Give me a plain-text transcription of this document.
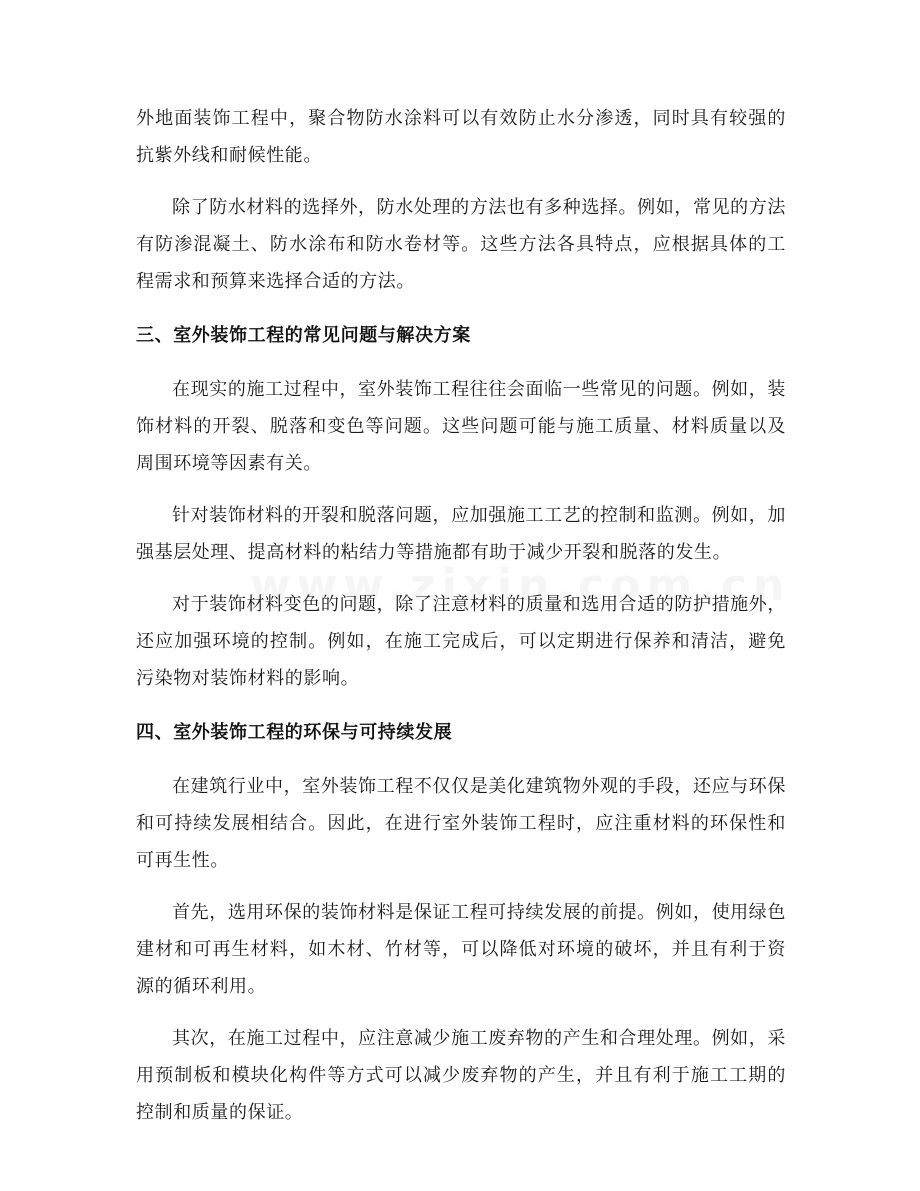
外地面装饰工程中，聚合物防水涂料可以有效防止水分渗透，同时具有较强的抗紫外线和耐候性能。

除了防水材料的选择外，防水处理的方法也有多种选择。例如，常见的方法有防渗混凝土、防水涂布和防水卷材等。这些方法各具特点，应根据具体的工程需求和预算来选择合适的方法。

三、室外装饰工程的常见问题与解决方案

在现实的施工过程中，室外装饰工程往往会面临一些常见的问题。例如，装饰材料的开裂、脱落和变色等问题。这些问题可能与施工质量、材料质量以及周围环境等因素有关。

针对装饰材料的开裂和脱落问题，应加强施工工艺的控制和监测。例如，加强基层处理、提高材料的粘结力等措施都有助于减少开裂和脱落的发生。

对于装饰材料变色的问题，除了注意材料的质量和选用合适的防护措施外，还应加强环境的控制。例如，在施工完成后，可以定期进行保养和清洁，避免污染物对装饰材料的影响。

四、室外装饰工程的环保与可持续发展

在建筑行业中，室外装饰工程不仅仅是美化建筑物外观的手段，还应与环保和可持续发展相结合。因此，在进行室外装饰工程时，应注重材料的环保性和可再生性。

首先，选用环保的装饰材料是保证工程可持续发展的前提。例如，使用绿色建材和可再生材料，如木材、竹材等，可以降低对环境的破坏，并且有利于资源的循环利用。

其次，在施工过程中，应注意减少施工废弃物的产生和合理处理。例如，采用预制板和模块化构件等方式可以减少废弃物的产生，并且有利于施工工期的控制和质量的保证。
